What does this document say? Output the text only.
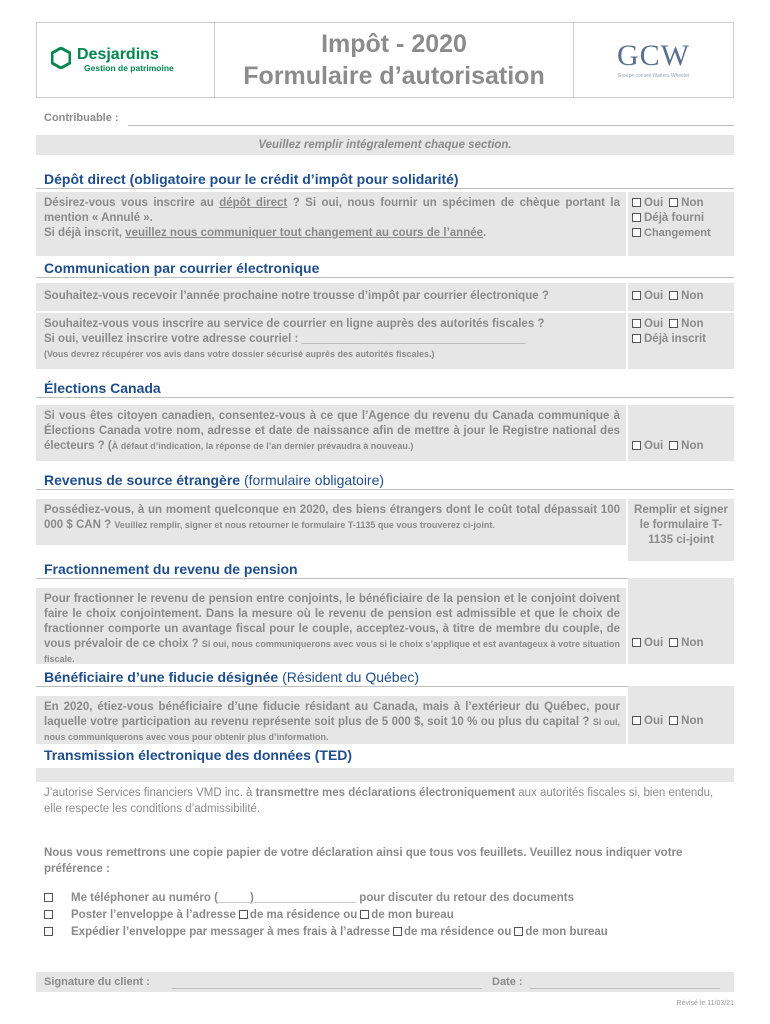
Desjardins
Gestion de patrimoine
Impôt - 2020
Formulaire d’autorisation
GCW
Groupe conseil Watters Wheeler
Contribuable :
Veuillez remplir intégralement chaque section.
Dépôt direct (obligatoire pour le crédit d’impôt pour solidarité)
Désirez-vous vous inscrire au dépôt direct ? Si oui, nous fournir un spécimen de chèque portant la mention « Annulé ».
Si déjà inscrit, veuillez nous communiquer tout changement au cours de l’année.
Oui Non
Déjà fourni
Changement
Communication par courrier électronique
Souhaitez-vous recevoir l’année prochaine notre trousse d’impôt par courrier électronique ?	Oui Non
Souhaitez-vous vous inscrire au service de courrier en ligne auprès des autorités fiscales ?
Si oui, veuillez inscrire votre adresse courriel : ___________________________________
(Vous devrez récupérer vos avis dans votre dossier sécurisé auprès des autorités fiscales.)
Oui Non
Déjà inscrit
Élections Canada
Si vous êtes citoyen canadien, consentez-vous à ce que l’Agence du revenu du Canada communique à Élections Canada votre nom, adresse et date de naissance afin de mettre à jour le Registre national des électeurs ? (À défaut d’indication, la réponse de l’an dernier prévaudra à nouveau.)	Oui Non
Revenus de source étrangère (formulaire obligatoire)
Possédiez-vous, à un moment quelconque en 2020, des biens étrangers dont le coût total dépassait 100 000 $ CAN ? Veuillez remplir, signer et nous retourner le formulaire T-1135 que vous trouverez ci-joint.
Remplir et signer le formulaire T-1135 ci-joint
Fractionnement du revenu de pension
Pour fractionner le revenu de pension entre conjoints, le bénéficiaire de la pension et le conjoint doivent faire le choix conjointement. Dans la mesure où le revenu de pension est admissible et que le choix de fractionner comporte un avantage fiscal pour le couple, acceptez-vous, à titre de membre du couple, de vous prévaloir de ce choix ? Si oui, nous communiquerons avec vous si le choix s’applique et est avantageux à votre situation fiscale.
Oui Non
Bénéficiaire d’une fiducie désignée (Résident du Québec)
En 2020, étiez-vous bénéficiaire d’une fiducie résidant au Canada, mais à l’extérieur du Québec, pour laquelle votre participation au revenu représente soit plus de 5 000 $, soit 10 % ou plus du capital ? Si oui, nous communiquerons avec vous pour obtenir plus d’information.
Oui Non
Transmission électronique des données (TED)
J’autorise Services financiers VMD inc. à transmettre mes déclarations électroniquement aux autorités fiscales si, bien entendu, elle respecte les conditions d’admissibilité.
Nous vous remettrons une copie papier de votre déclaration ainsi que tous vos feuillets. Veuillez nous indiquer votre préférence :
Me téléphoner au numéro (_____)________________ pour discuter du retour des documents
Poster l’enveloppe à l’adresse de ma résidence ou de mon bureau
Expédier l’enveloppe par messager à mes frais à l’adresse de ma résidence ou de mon bureau
Signature du client :	Date :
Révisé le 11/03/21
